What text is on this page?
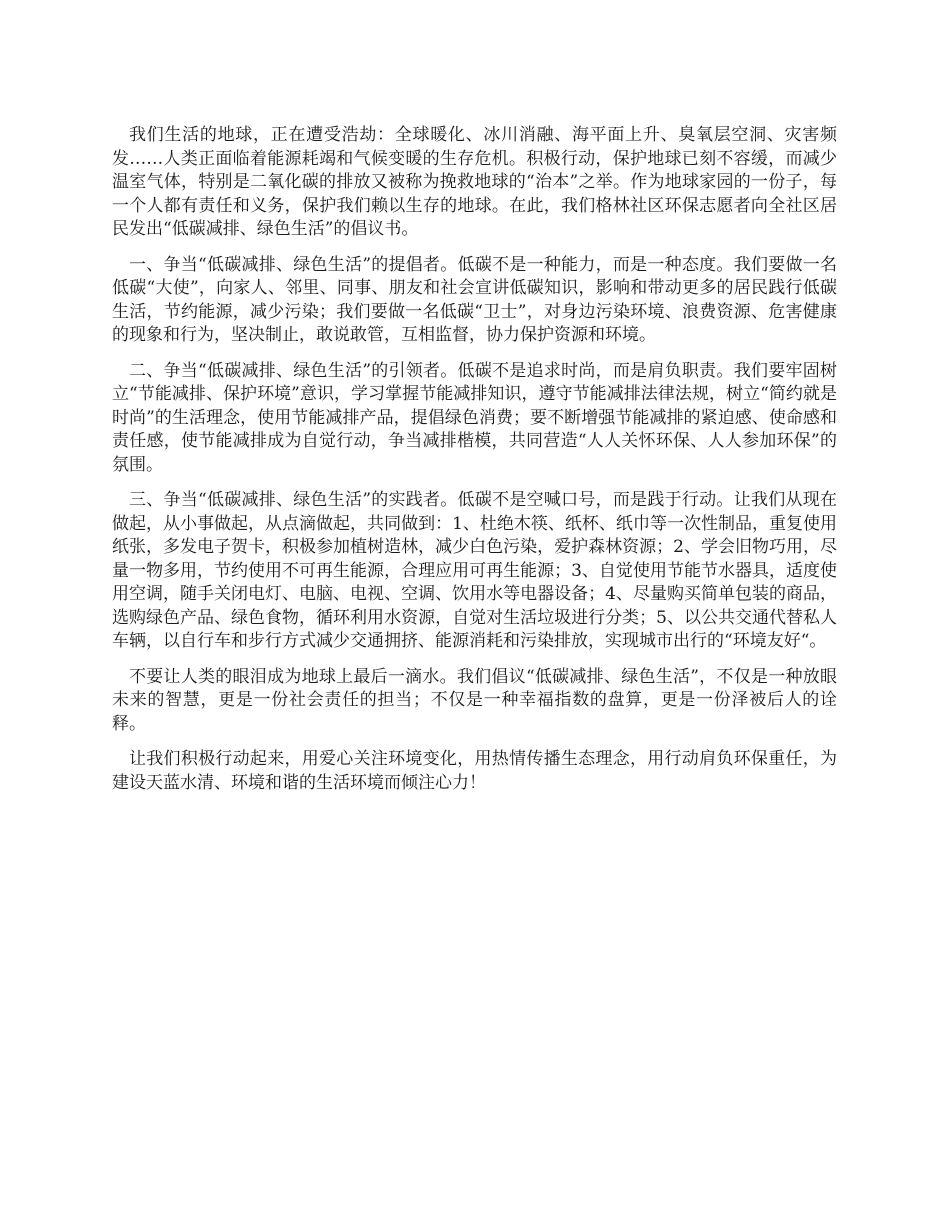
我们生活的地球，正在遭受浩劫：全球暖化、冰川消融、海平面上升、臭氧层空洞、灾害频发……人类正面临着能源耗竭和气候变暖的生存危机。积极行动，保护地球已刻不容缓，而减少温室气体，特别是二氧化碳的排放又被称为挽救地球的“治本”之举。作为地球家园的一份子，每一个人都有责任和义务，保护我们赖以生存的地球。在此，我们格林社区环保志愿者向全社区居民发出“低碳减排、绿色生活”的倡议书。

一、争当“低碳减排、绿色生活”的提倡者。低碳不是一种能力，而是一种态度。我们要做一名低碳“大使”，向家人、邻里、同事、朋友和社会宣讲低碳知识，影响和带动更多的居民践行低碳生活，节约能源，减少污染；我们要做一名低碳“卫士”，对身边污染环境、浪费资源、危害健康的现象和行为，坚决制止，敢说敢管，互相监督，协力保护资源和环境。

二、争当“低碳减排、绿色生活”的引领者。低碳不是追求时尚，而是肩负职责。我们要牢固树立“节能减排、保护环境”意识，学习掌握节能减排知识，遵守节能减排法律法规，树立“简约就是时尚”的生活理念，使用节能减排产品，提倡绿色消费；要不断增强节能减排的紧迫感、使命感和责任感，使节能减排成为自觉行动，争当减排楷模，共同营造“人人关怀环保、人人参加环保”的氛围。

三、争当“低碳减排、绿色生活”的实践者。低碳不是空喊口号，而是践于行动。让我们从现在做起，从小事做起，从点滴做起，共同做到：1、杜绝木筷、纸杯、纸巾等一次性制品，重复使用纸张，多发电子贺卡，积极参加植树造林，减少白色污染，爱护森林资源；2、学会旧物巧用，尽量一物多用，节约使用不可再生能源，合理应用可再生能源；3、自觉使用节能节水器具，适度使用空调，随手关闭电灯、电脑、电视、空调、饮用水等电器设备；4、尽量购买简单包装的商品，选购绿色产品、绿色食物，循环利用水资源，自觉对生活垃圾进行分类；5、以公共交通代替私人车辆，以自行车和步行方式减少交通拥挤、能源消耗和污染排放，实现城市出行的“环境友好“。

不要让人类的眼泪成为地球上最后一滴水。我们倡议“低碳减排、绿色生活”，不仅是一种放眼未来的智慧，更是一份社会责任的担当；不仅是一种幸福指数的盘算，更是一份泽被后人的诠释。

让我们积极行动起来，用爱心关注环境变化，用热情传播生态理念，用行动肩负环保重任，为建设天蓝水清、环境和谐的生活环境而倾注心力！
